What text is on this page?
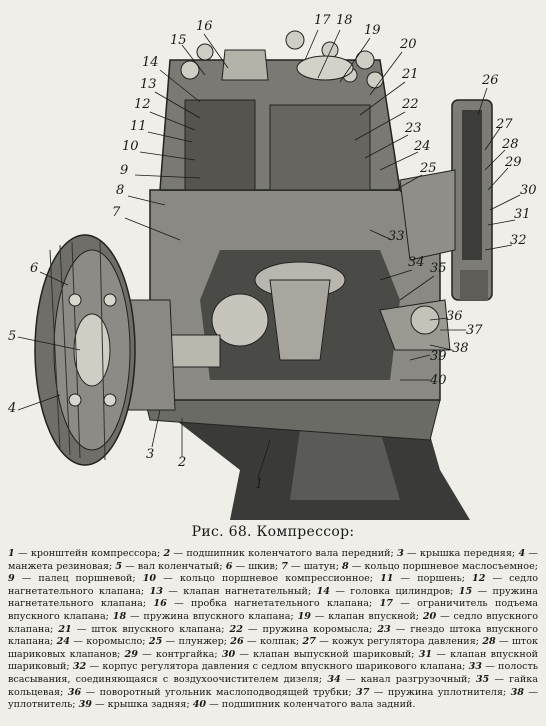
16
15
14
13
12
11
10
9
8
7
6
5
4
3
2
1
17 18
19
20
21
22
23
24
25
26
27
28
29
30
31
32
33
34 35
36
37
38
39
40
Рис. 68. Компрессор:
1 — кронштейн компрессора; 2 — подшипник коленчатого вала передний; 3 — крышка передняя; 4 — манжета резиновая; 5 — вал коленчатый; 6 — шкив; 7 — шатун; 8 — кольцо поршневое маслосъемное; 9 — палец поршневой; 10 — кольцо поршневое компрессионное; 11 — поршень; 12 — седло нагнетательного клапана; 13 — клапан нагнетательный; 14 — головка цилиндров; 15 — пружина нагнетательного клапана; 16 — пробка нагнетательного клапана; 17 — ограничитель подъема впускного клапана; 18 — пружина впускного клапана; 19 — клапан впускной; 20 — седло впускного клапана; 21 — шток впускного клапана; 22 — пружина коромысла; 23 — гнездо штока впускного клапана; 24 — коромысло; 25 — плунжер; 26 — колпак; 27 — кожух регулятора давления; 28 — шток шариковых клапанов; 29 — контргайка; 30 — клапан выпускной шариковый; 31 — клапан впускной шариковый; 32 — корпус регулятора давления с седлом впускного шарикового клапана; 33 — полость всасывания, соединяющаяся с воздухоочистителем дизеля; 34 — канал разгрузочный; 35 — гайка кольцевая; 36 — поворотный угольник маслоподводящей трубки; 37 — пружина уплотнителя; 38 — уплотнитель; 39 — крышка задняя; 40 — подшипник коленчатого вала задний.
